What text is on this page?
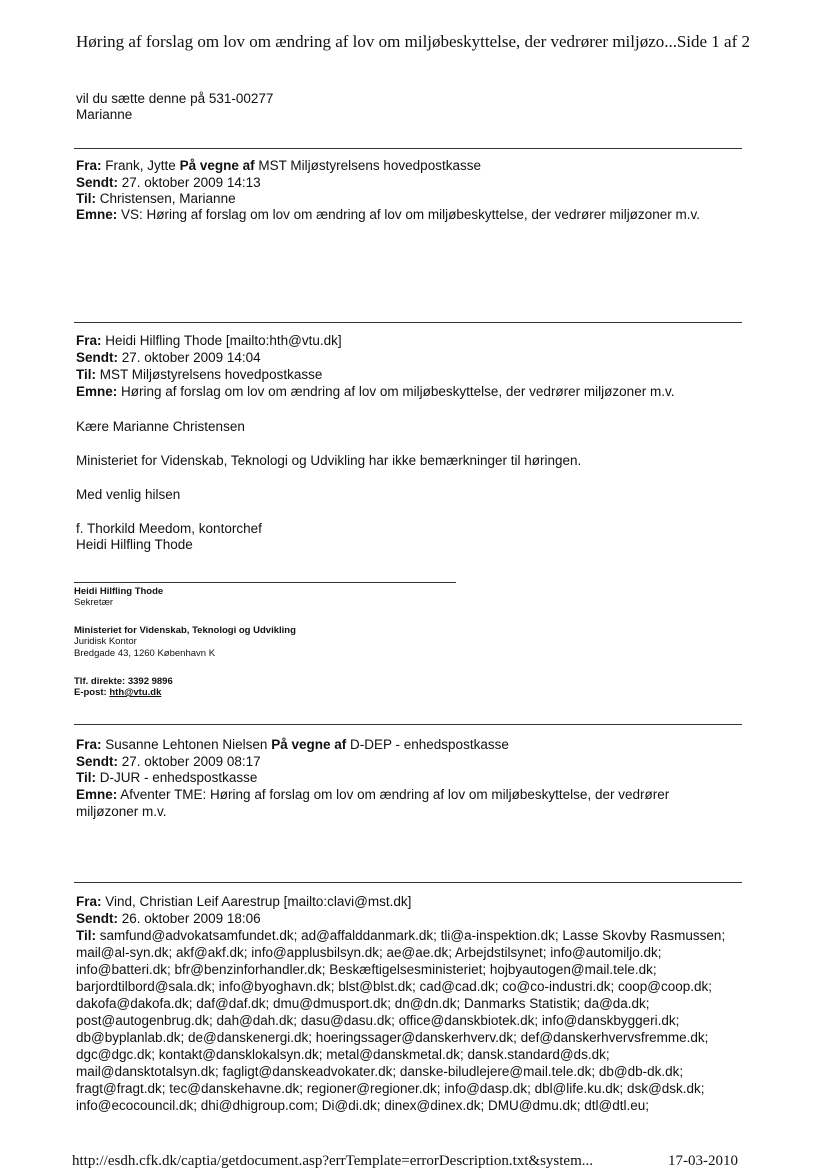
Høring af forslag om lov om ændring af lov om miljøbeskyttelse, der vedrører miljøzo... Side 1 af 2
vil du sætte denne på 531-00277
Marianne
Fra: Frank, Jytte På vegne af MST Miljøstyrelsens hovedpostkasse
Sendt: 27. oktober 2009 14:13
Til: Christensen, Marianne
Emne: VS: Høring af forslag om lov om ændring af lov om miljøbeskyttelse, der vedrører miljøzoner m.v.
Fra: Heidi Hilfling Thode [mailto:hth@vtu.dk]
Sendt: 27. oktober 2009 14:04
Til: MST Miljøstyrelsens hovedpostkasse
Emne: Høring af forslag om lov om ændring af lov om miljøbeskyttelse, der vedrører miljøzoner m.v.
Kære Marianne Christensen
Ministeriet for Videnskab, Teknologi og Udvikling har ikke bemærkninger til høringen.
Med venlig hilsen
f. Thorkild Meedom, kontorchef
Heidi Hilfling Thode
Heidi Hilfling Thode
Sekretær
Ministeriet for Videnskab, Teknologi og Udvikling
Juridisk Kontor
Bredgade 43, 1260 København K
Tlf. direkte: 3392 9896
E-post: hth@vtu.dk
Fra: Susanne Lehtonen Nielsen På vegne af D-DEP - enhedspostkasse
Sendt: 27. oktober 2009 08:17
Til: D-JUR - enhedspostkasse
Emne: Afventer TME: Høring af forslag om lov om ændring af lov om miljøbeskyttelse, der vedrører
miljøzoner m.v.
Fra: Vind, Christian Leif Aarestrup [mailto:clavi@mst.dk]
Sendt: 26. oktober 2009 18:06
Til: samfund@advokatsamfundet.dk; ad@affalddanmark.dk; tli@a-inspektion.dk; Lasse Skovby Rasmussen;
mail@al-syn.dk; akf@akf.dk; info@applusbilsyn.dk; ae@ae.dk; Arbejdstilsynet; info@automiljo.dk;
info@batteri.dk; bfr@benzinforhandler.dk; Beskæftigelsesministeriet; hojbyautogen@mail.tele.dk;
barjordtilbord@sala.dk; info@byoghavn.dk; blst@blst.dk; cad@cad.dk; co@co-industri.dk; coop@coop.dk;
dakofa@dakofa.dk; daf@daf.dk; dmu@dmusport.dk; dn@dn.dk; Danmarks Statistik; da@da.dk;
post@autogenbrug.dk; dah@dah.dk; dasu@dasu.dk; office@danskbiotek.dk; info@danskbyggeri.dk;
db@byplanlab.dk; de@danskenergi.dk; hoeringssager@danskerhverv.dk; def@danskerhvervsfremme.dk;
dgc@dgc.dk; kontakt@dansklokalsyn.dk; metal@danskmetal.dk; dansk.standard@ds.dk;
mail@dansktotalsyn.dk; fagligt@danskeadvokater.dk; danske-biludlejere@mail.tele.dk; db@db-dk.dk;
fragt@fragt.dk; tec@danskehavne.dk; regioner@regioner.dk; info@dasp.dk; dbl@life.ku.dk; dsk@dsk.dk;
info@ecocouncil.dk; dhi@dhigroup.com; Di@di.dk; dinex@dinex.dk; DMU@dmu.dk; dtl@dtl.eu;
http://esdh.cfk.dk/captia/getdocument.asp?errTemplate=errorDescription.txt&system...	17-03-2010
